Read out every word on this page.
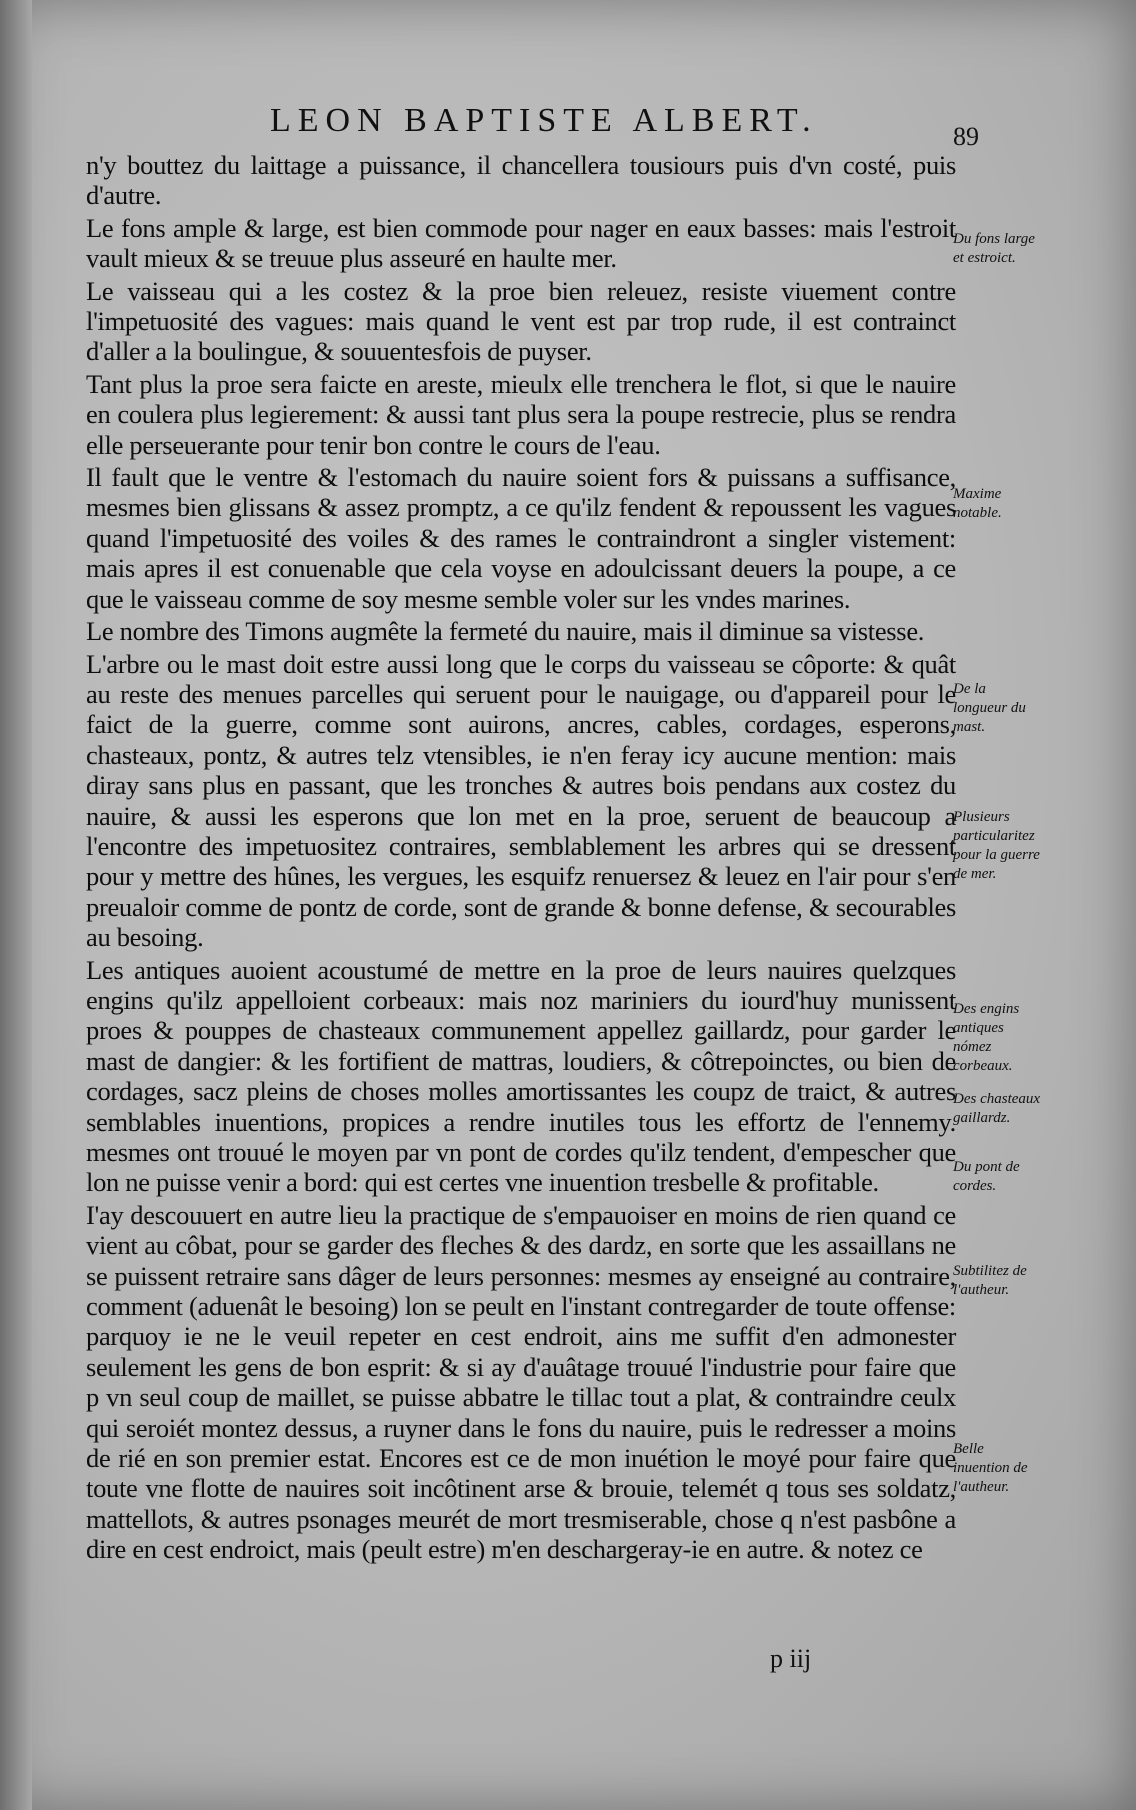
LEON BAPTISTE ALBERT.	89

n'y bouttez du laittage a puissance, il chancellera tousiours puis d'vn costé, puis d'autre.

Le fons ample & large, est bien commode pour nager en eaux basses: mais l'estroit vault mieux & se treuue plus asseuré en haulte mer.

Le vaisseau qui a les costez & la proe bien releuez, resiste viuement contre l'impetuosité des vagues: mais quand le vent est par trop rude, il est contrainct d'aller a la boulingue, & souuentesfois de puyser.

Tant plus la proe sera faicte en areste, mieulx elle trenchera le flot, si que le nauire en coulera plus legierement: & aussi tant plus sera la poupe restrecie, plus se rendra elle perseuerante pour tenir bon contre le cours de l'eau.

Il fault que le ventre & l'estomach du nauire soient fors & puissans a suffisance, mesmes bien glissans & assez promptz, a ce qu'ilz fendent & repoussent les vagues quand l'impetuosité des voiles & des rames le contraindront a singler vistement: mais apres il est conuenable que cela voyse en adoulcissant deuers la poupe, a ce que le vaisseau comme de soy mesme semble voler sur les vndes marines.

Le nombre des Timons augmête la fermeté du nauire, mais il diminue sa vistesse.

L'arbre ou le mast doit estre aussi long que le corps du vaisseau se côporte: & quât au reste des menues parcelles qui seruent pour le nauigage, ou d'appareil pour le faict de la guerre, comme sont auirons, ancres, cables, cordages, esperons, chasteaux, pontz, & autres telz vtensibles, ie n'en feray icy aucune mention: mais diray sans plus en passant, que les tronches & autres bois pendans aux costez du nauire, & aussi les esperons que lon met en la proe, seruent de beaucoup a l'encontre des impetuositez contraires, semblablement les arbres qui se dressent pour y mettre des hûnes, les vergues, les esquifz renuersez & leuez en l'air pour s'en preualoir comme de pontz de corde, sont de grande & bonne defense, & secourables au besoing.

Les antiques auoient acoustumé de mettre en la proe de leurs nauires quelzques engins qu'ilz appelloient corbeaux: mais noz mariniers du iourd'huy munissent proes & pouppes de chasteaux communement appellez gaillardz, pour garder le mast de dangier: & les fortifient de mattras, loudiers, & côtrepoinctes, ou bien de cordages, sacz pleins de choses molles amortissantes les coupz de traict, & autres semblables inuentions, propices a rendre inutiles tous les effortz de l'ennemy. mesmes ont trouué le moyen par vn pont de cordes qu'ilz tendent, d'empescher que lon ne puisse venir a bord: qui est certes vne inuention tresbelle & profitable.

I'ay descouuert en autre lieu la practique de s'empauoiser en moins de rien quand ce vient au côbat, pour se garder des fleches & des dardz, en sorte que les assaillans ne se puissent retraire sans dâger de leurs personnes: mesmes ay enseigné au contraire, comment (aduenât le besoing) lon se peult en l'instant contregarder de toute offense: parquoy ie ne le veuil repeter en cest endroit, ains me suffit d'en admonester seulement les gens de bon esprit: & si ay d'auâtage trouué l'industrie pour faire que p vn seul coup de maillet, se puisse abbatre le tillac tout a plat, & contraindre ceulx qui seroiét montez dessus, a ruyner dans le fons du nauire, puis le redresser a moins de rié en son premier estat. Encores est ce de mon inuétion le moyé pour faire que toute vne flotte de nauires soit incôtinent arse & brouie, telemét q tous ses soldatz, mattellots, & autres psonages meurét de mort tresmiserable, chose q n'est pasbône a dire en cest endroict, mais (peult estre) m'en deschargeray-ie en autre. & notez ce

Du fons large et estroict.
Maxime notable.
De la longueur du mast.
Plusieurs particularitez pour la guerre de mer.
Des engins antiques nómez corbeaux.
Des chasteaux gaillardz.
Du pont de cordes.
Subtilitez de l'autheur.
Belle inuention de l'autheur.
p iij
